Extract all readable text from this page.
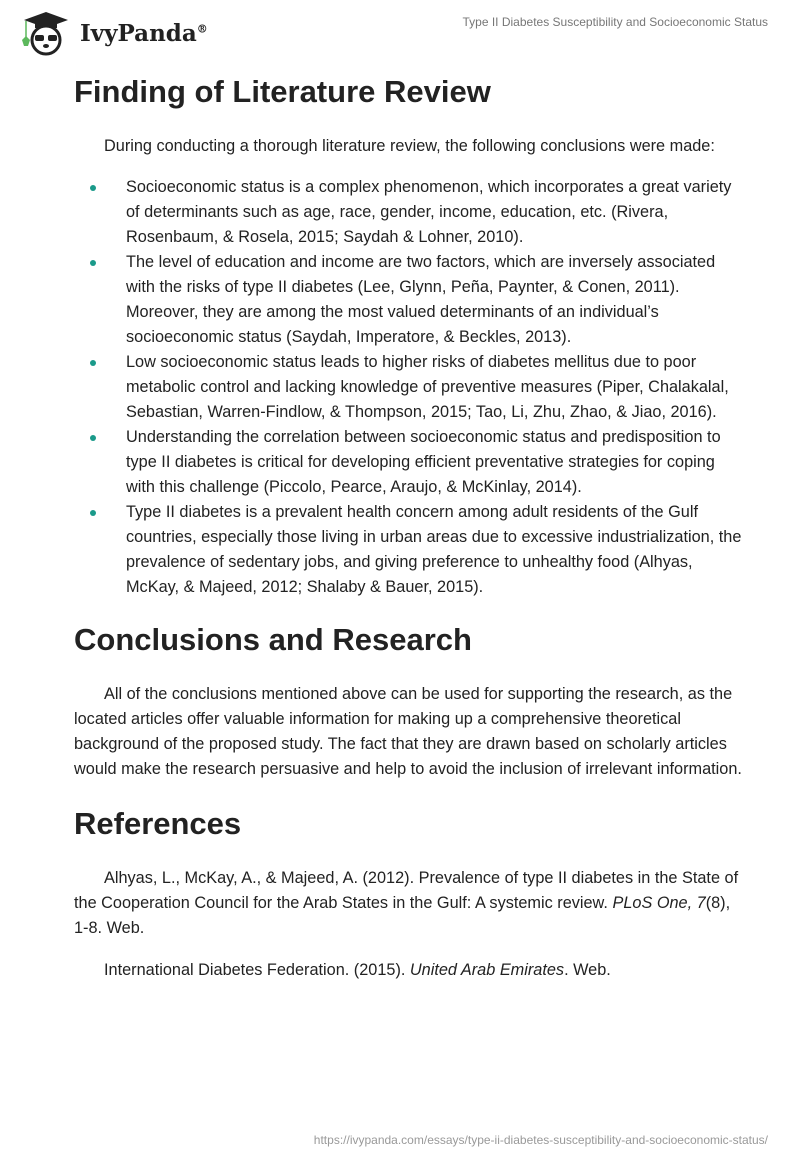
IvyPanda®	Type II Diabetes Susceptibility and Socioeconomic Status
Finding of Literature Review

During conducting a thorough literature review, the following conclusions were made:

Socioeconomic status is a complex phenomenon, which incorporates a great variety of determinants such as age, race, gender, income, education, etc. (Rivera, Rosenbaum, & Rosela, 2015; Saydah & Lohner, 2010).
The level of education and income are two factors, which are inversely associated with the risks of type II diabetes (Lee, Glynn, Peña, Paynter, & Conen, 2011). Moreover, they are among the most valued determinants of an individual’s socioeconomic status (Saydah, Imperatore, & Beckles, 2013).
Low socioeconomic status leads to higher risks of diabetes mellitus due to poor metabolic control and lacking knowledge of preventive measures (Piper, Chalakalal, Sebastian, Warren-Findlow, & Thompson, 2015; Tao, Li, Zhu, Zhao, & Jiao, 2016).
Understanding the correlation between socioeconomic status and predisposition to type II diabetes is critical for developing efficient preventative strategies for coping with this challenge (Piccolo, Pearce, Araujo, & McKinlay, 2014).
Type II diabetes is a prevalent health concern among adult residents of the Gulf countries, especially those living in urban areas due to excessive industrialization, the prevalence of sedentary jobs, and giving preference to unhealthy food (Alhyas, McKay, & Majeed, 2012; Shalaby & Bauer, 2015).
Conclusions and Research

All of the conclusions mentioned above can be used for supporting the research, as the located articles offer valuable information for making up a comprehensive theoretical background of the proposed study. The fact that they are drawn based on scholarly articles would make the research persuasive and help to avoid the inclusion of irrelevant information.

References

Alhyas, L., McKay, A., & Majeed, A. (2012). Prevalence of type II diabetes in the State of the Cooperation Council for the Arab States in the Gulf: A systemic review. PLoS One, 7(8), 1-8. Web.

International Diabetes Federation. (2015). United Arab Emirates. Web.

https://ivypanda.com/essays/type-ii-diabetes-susceptibility-and-socioeconomic-status/
